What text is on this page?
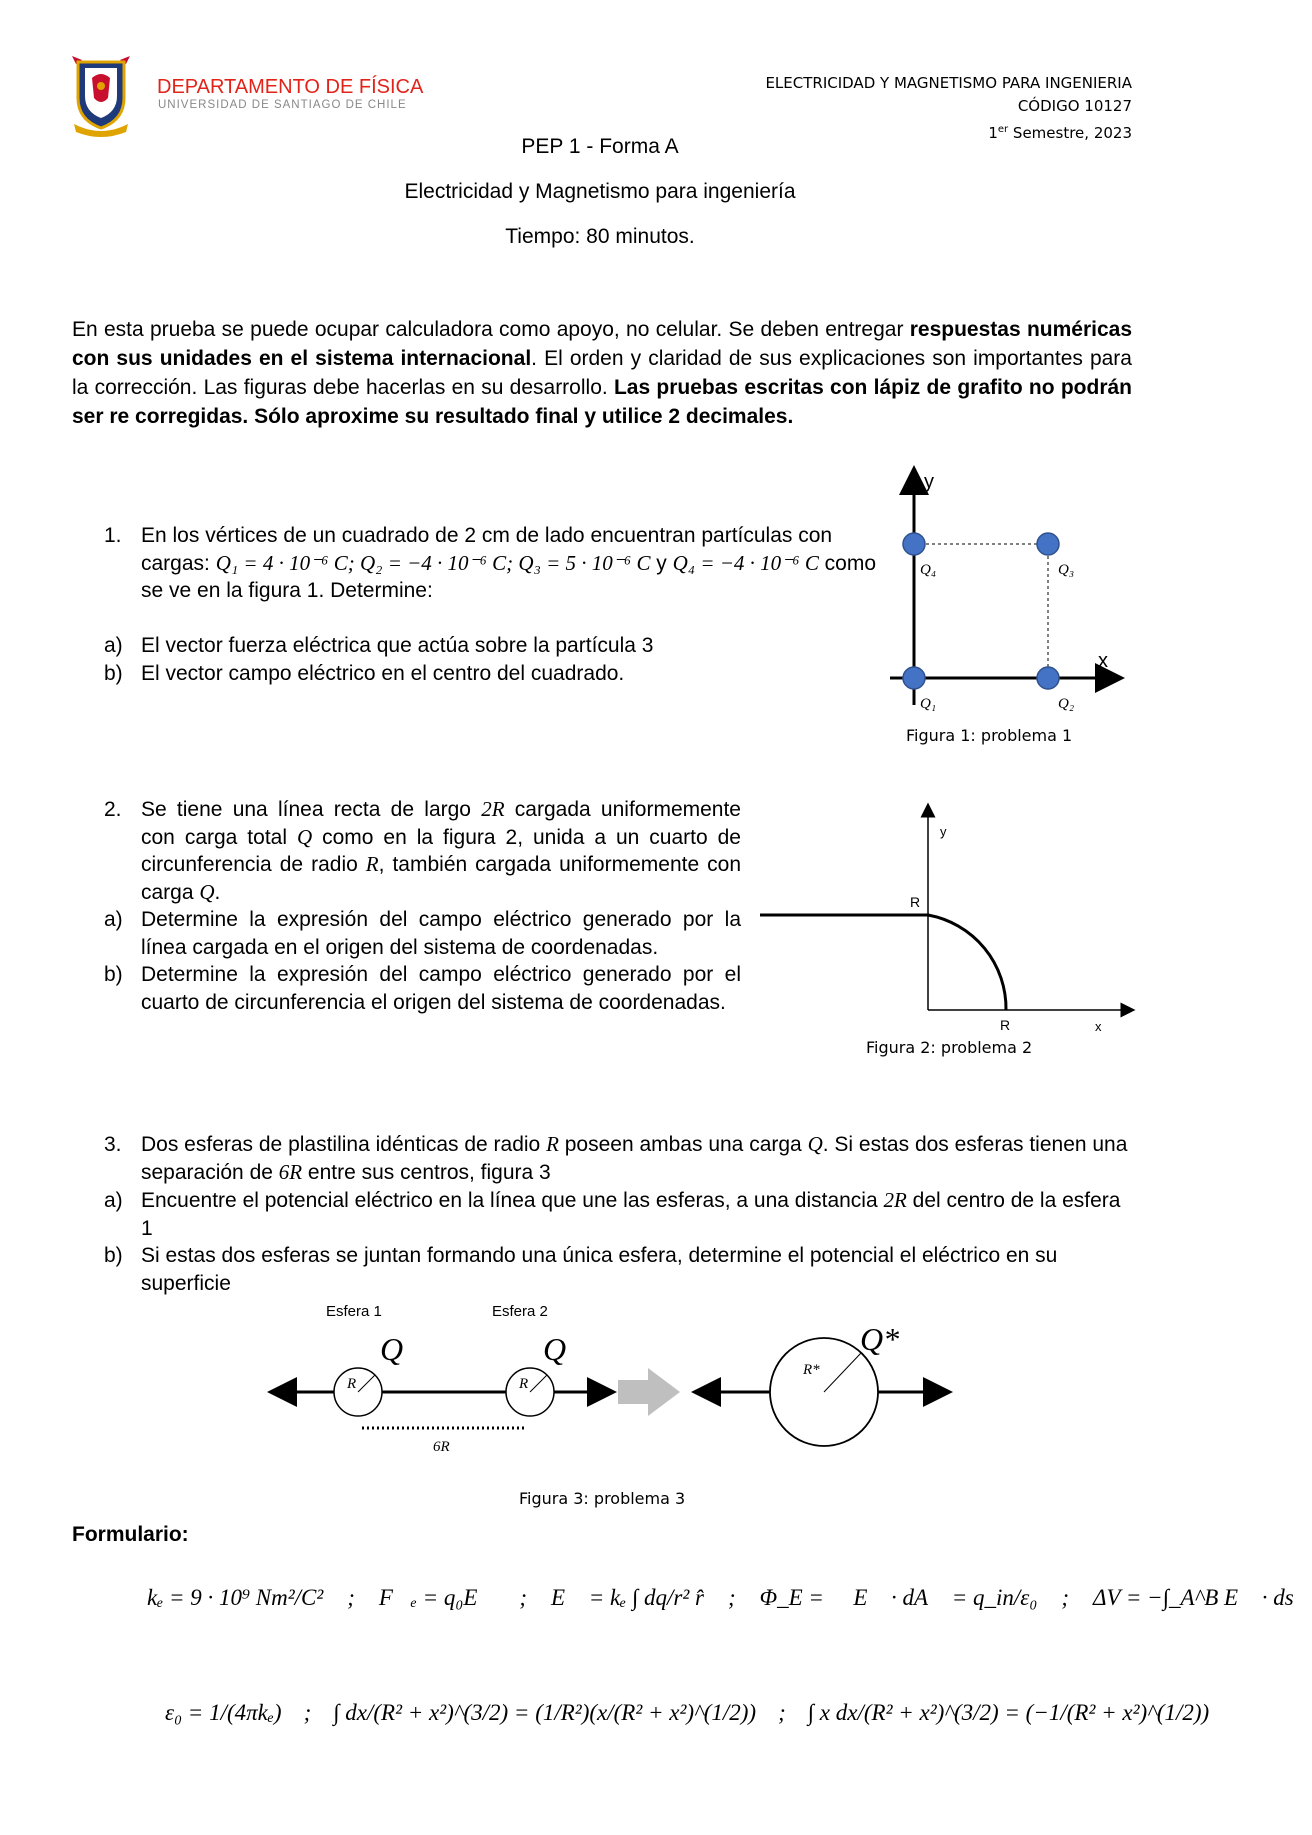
DEPARTAMENTO DE FÍSICA
UNIVERSIDAD DE SANTIAGO DE CHILE
ELECTRICIDAD Y MAGNETISMO PARA INGENIERIA
CÓDIGO 10127
1er Semestre, 2023
PEP 1 - Forma A
Electricidad y Magnetismo para ingeniería
Tiempo: 80 minutos.
En esta prueba se puede ocupar calculadora como apoyo, no celular. Se deben entregar respuestas numéricas con sus unidades en el sistema internacional. El orden y claridad de sus explicaciones son importantes para la corrección. Las figuras debe hacerlas en su desarrollo. Las pruebas escritas con lápiz de grafito no podrán ser re corregidas. Sólo aproxime su resultado final y utilice 2 decimales.
1. En los vértices de un cuadrado de 2 cm de lado encuentran partículas con cargas: Q₁ = 4 · 10⁻⁶ C; Q₂ = −4 · 10⁻⁶ C; Q₃ = 5 · 10⁻⁶ C y Q₄ = −4 · 10⁻⁶ C como se ve en la figura 1. Determine:
a) El vector fuerza eléctrica que actúa sobre la partícula 3
b) El vector campo eléctrico en el centro del cuadrado.
y
x
Q₄	Q₃
Q₁	Q₂
Figura 1: problema 1
2. Se tiene una línea recta de largo 2R cargada uniformemente con carga total Q como en la figura 2, unida a un cuarto de circunferencia de radio R, también cargada uniformemente con carga Q.
a) Determine la expresión del campo eléctrico generado por la línea cargada en el origen del sistema de coordenadas.
b) Determine la expresión del campo eléctrico generado por el cuarto de circunferencia el origen del sistema de coordenadas.
y
R
R	x
Figura 2: problema 2
3. Dos esferas de plastilina idénticas de radio R poseen ambas una carga Q. Si estas dos esferas tienen una separación de 6R entre sus centros, figura 3
a) Encuentre el potencial eléctrico en la línea que une las esferas, a una distancia 2R del centro de la esfera 1
b) Si estas dos esferas se juntan formando una única esfera, determine el potencial el eléctrico en su superficie
Esfera 1	Esfera 2
Q	Q
R	R
6R
R*
Q*
Figura 3: problema 3
Formulario:
kₑ = 9 · 10⁹ Nm²/C² ; F⃗ₑ = q₀E⃗ ; E⃗ = kₑ ∫ dq/r² r̂ ; Φ_E = ∮ E⃗ · dA⃗ = q_in/ε₀ ; ΔV = −∫_A^B E⃗ · ds⃗
ε₀ = 1/(4πkₑ) ; ∫ dx/(R² + x²)^(3/2) = (1/R²)(x/(R² + x²)^(1/2)) ; ∫ x dx/(R² + x²)^(3/2) = (−1/(R² + x²)^(1/2))
